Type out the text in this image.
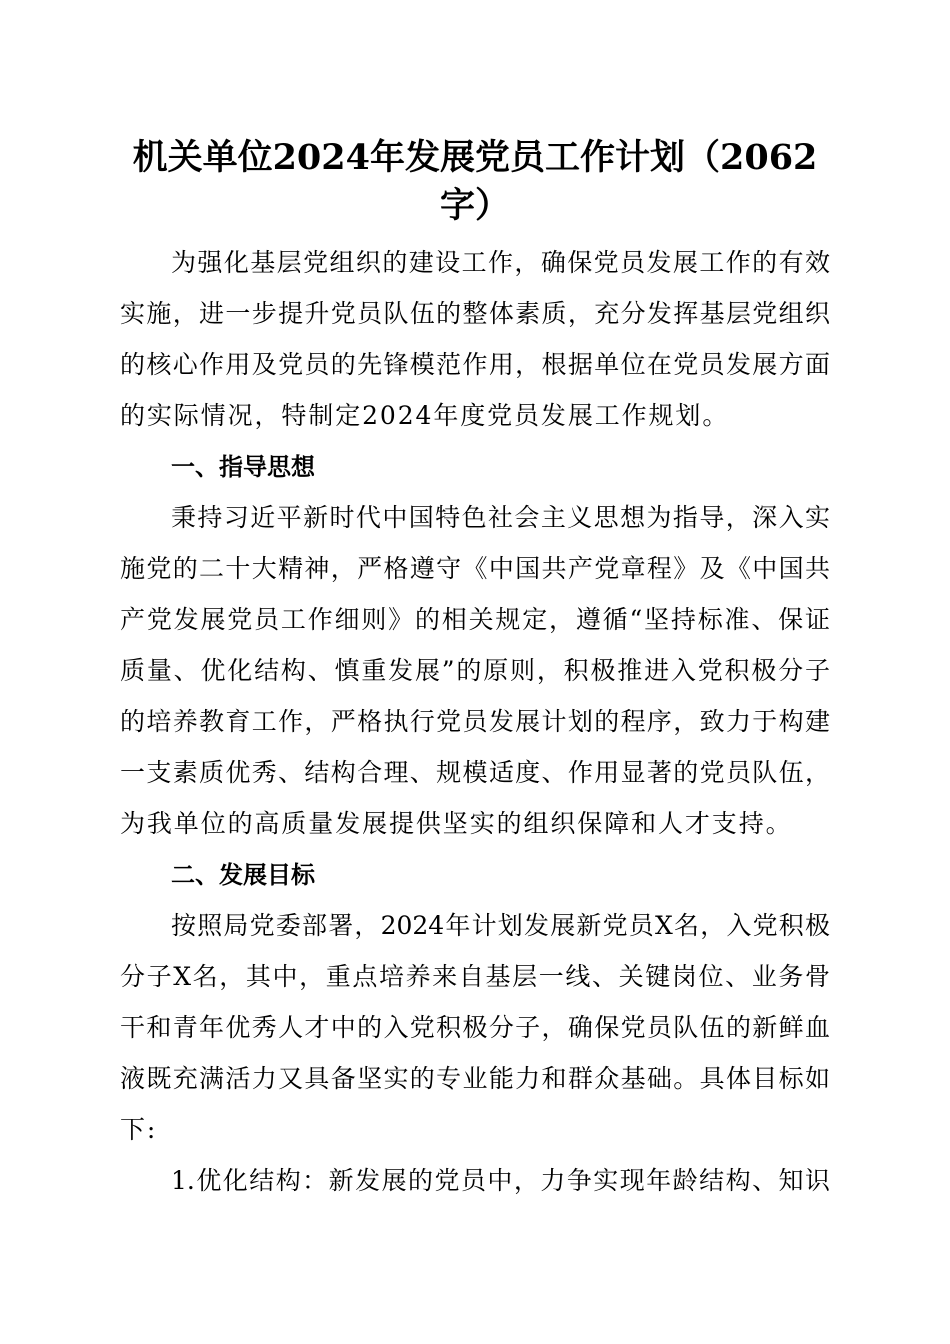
机关单位2024年发展党员工作计划（2062
字）

为强化基层党组织的建设工作，确保党员发展工作的有效

实施，进一步提升党员队伍的整体素质，充分发挥基层党组织

的核心作用及党员的先锋模范作用，根据单位在党员发展方面

的实际情况，特制定2024年度党员发展工作规划。

一、指导思想

秉持习近平新时代中国特色社会主义思想为指导，深入实

施党的二十大精神，严格遵守《中国共产党章程》及《中国共

产党发展党员工作细则》的相关规定，遵循“坚持标准、保证

质量、优化结构、慎重发展”的原则，积极推进入党积极分子

的培养教育工作，严格执行党员发展计划的程序，致力于构建

一支素质优秀、结构合理、规模适度、作用显著的党员队伍，

为我单位的高质量发展提供坚实的组织保障和人才支持。

二、发展目标

按照局党委部署，2024年计划发展新党员X名，入党积极

分子X名，其中，重点培养来自基层一线、关键岗位、业务骨

干和青年优秀人才中的入党积极分子，确保党员队伍的新鲜血

液既充满活力又具备坚实的专业能力和群众基础。具体目标如

下:

1.优化结构：新发展的党员中，力争实现年龄结构、知识
